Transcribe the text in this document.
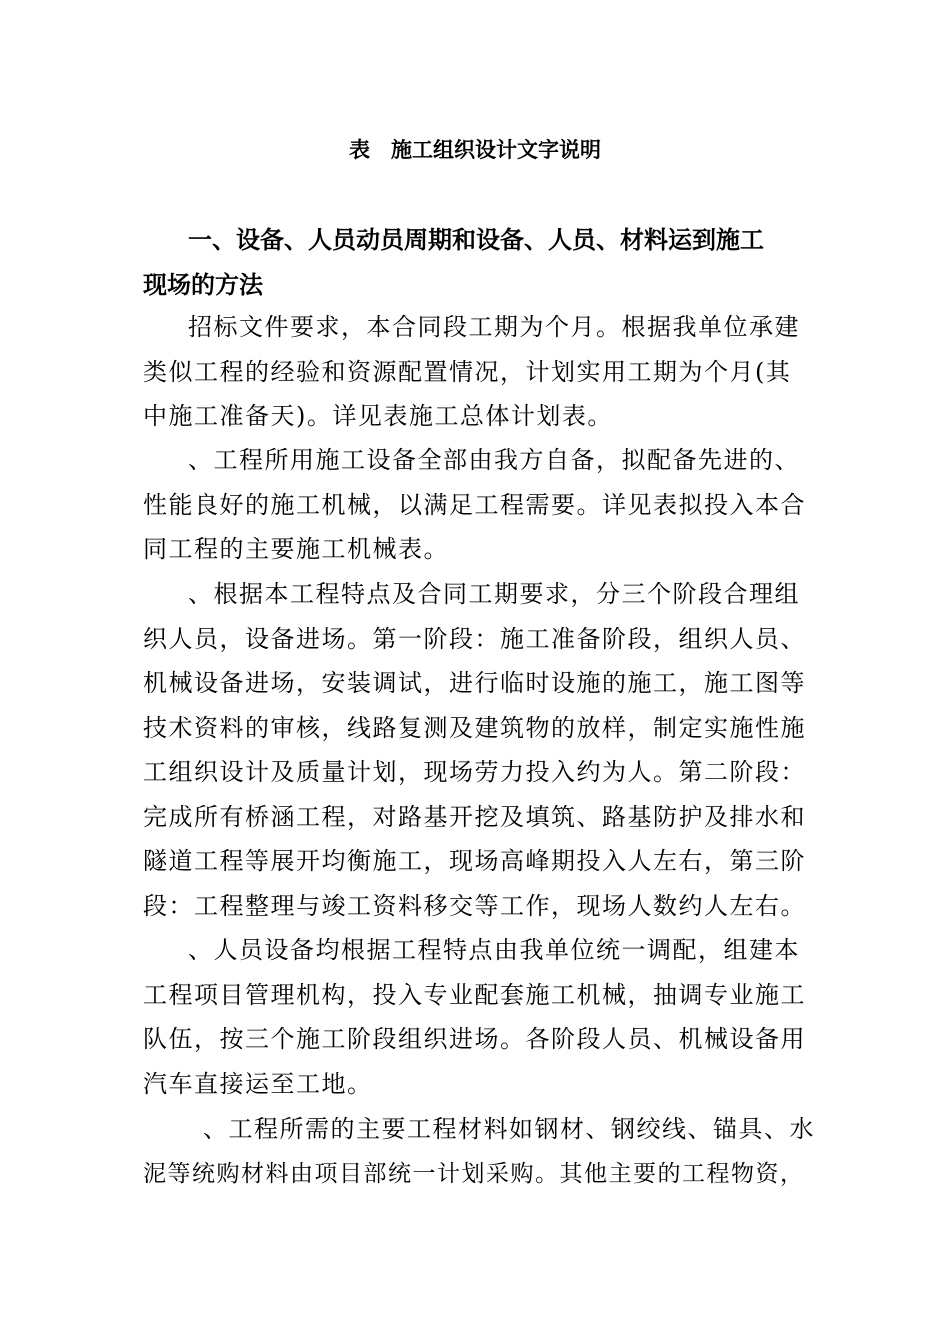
表　施工组织设计文字说明
一、设备、人员动员周期和设备、人员、材料运到施工
现场的方法
招标文件要求，本合同段工期为个月。根据我单位承建
类似工程的经验和资源配置情况，计划实用工期为个月(其
中施工准备天)。详见表施工总体计划表。
、工程所用施工设备全部由我方自备，拟配备先进的、
性能良好的施工机械，以满足工程需要。详见表拟投入本合
同工程的主要施工机械表。
、根据本工程特点及合同工期要求，分三个阶段合理组
织人员，设备进场。第一阶段：施工准备阶段，组织人员、
机械设备进场，安装调试，进行临时设施的施工，施工图等
技术资料的审核，线路复测及建筑物的放样，制定实施性施
工组织设计及质量计划，现场劳力投入约为人。第二阶段：
完成所有桥涵工程，对路基开挖及填筑、路基防护及排水和
隧道工程等展开均衡施工，现场高峰期投入人左右，第三阶
段：工程整理与竣工资料移交等工作，现场人数约人左右。
、人员设备均根据工程特点由我单位统一调配，组建本
工程项目管理机构，投入专业配套施工机械，抽调专业施工
队伍，按三个施工阶段组织进场。各阶段人员、机械设备用
汽车直接运至工地。
、工程所需的主要工程材料如钢材、钢绞线、锚具、水
泥等统购材料由项目部统一计划采购。其他主要的工程物资，
